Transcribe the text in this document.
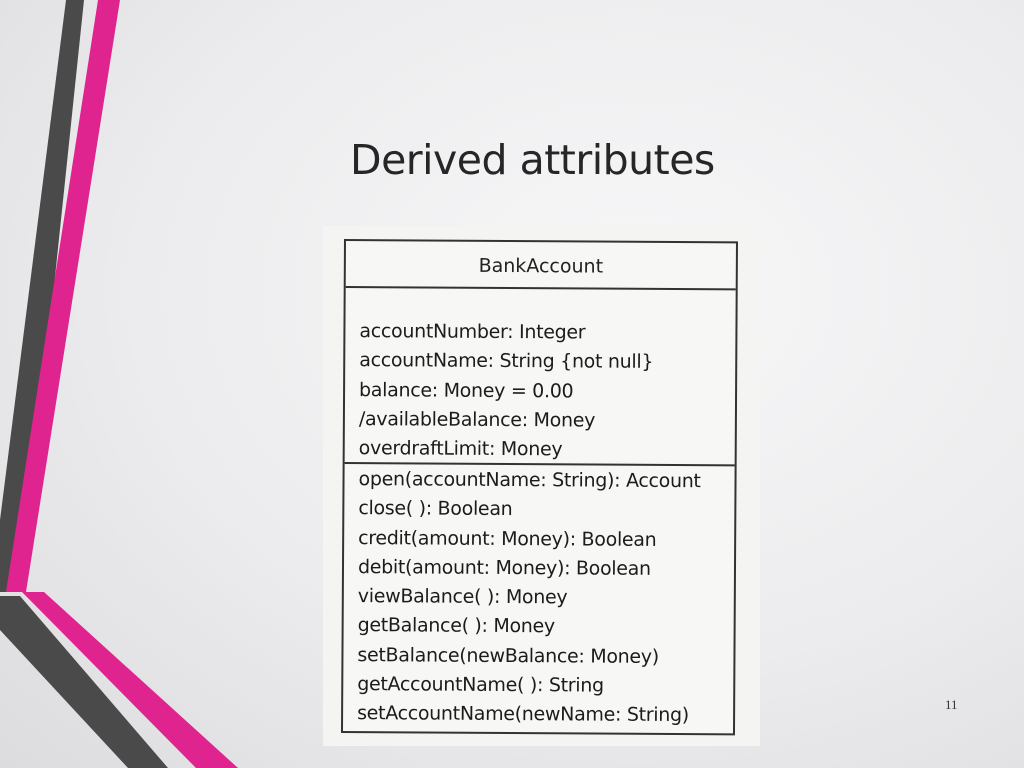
Derived attributes
BankAccount
accountNumber: Integer
accountName: String {not null}
balance: Money = 0.00
/availableBalance: Money
overdraftLimit: Money
open(accountName: String): Account
close( ): Boolean
credit(amount: Money): Boolean
debit(amount: Money): Boolean
viewBalance( ): Money
getBalance( ): Money
setBalance(newBalance: Money)
getAccountName( ): String
setAccountName(newName: String)	11
